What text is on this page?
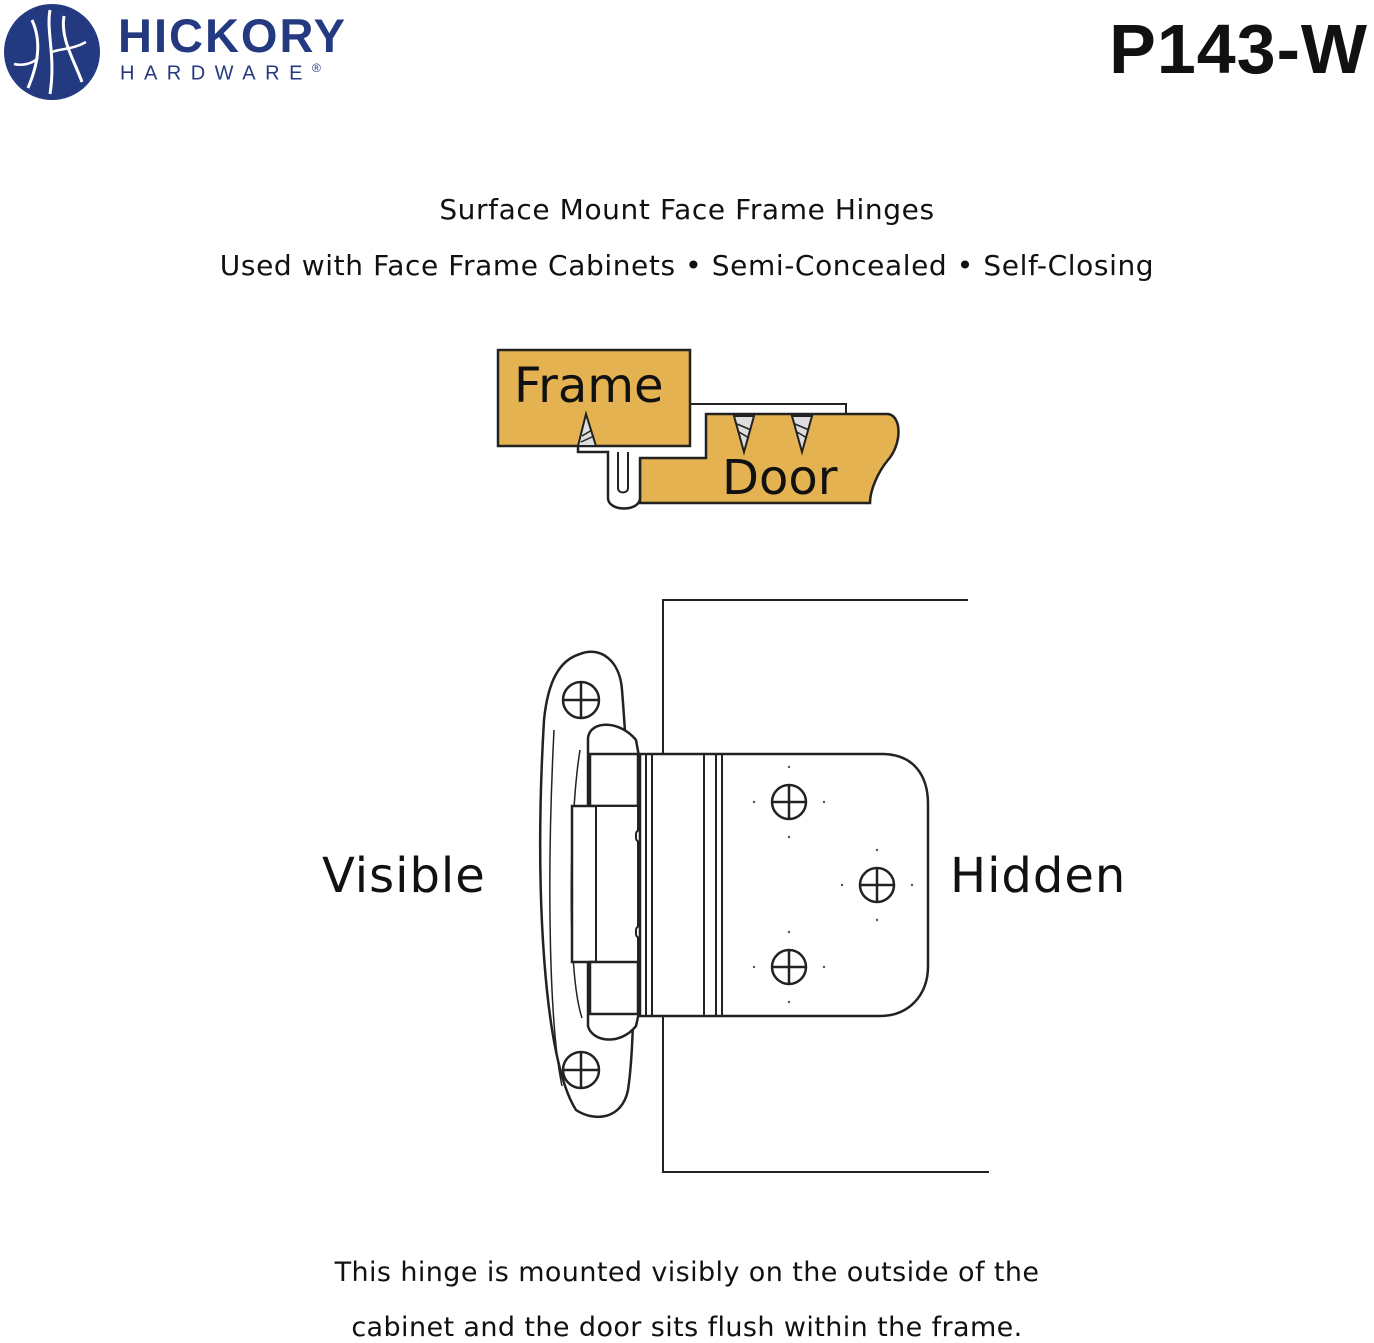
HICKORY
HARDWARE®	P143-W
Surface Mount Face Frame Hinges
Used with Face Frame Cabinets • Semi-Concealed • Self-Closing
Frame
Door
Visible	Hidden
This hinge is mounted visibly on the outside of the
cabinet and the door sits flush within the frame.
